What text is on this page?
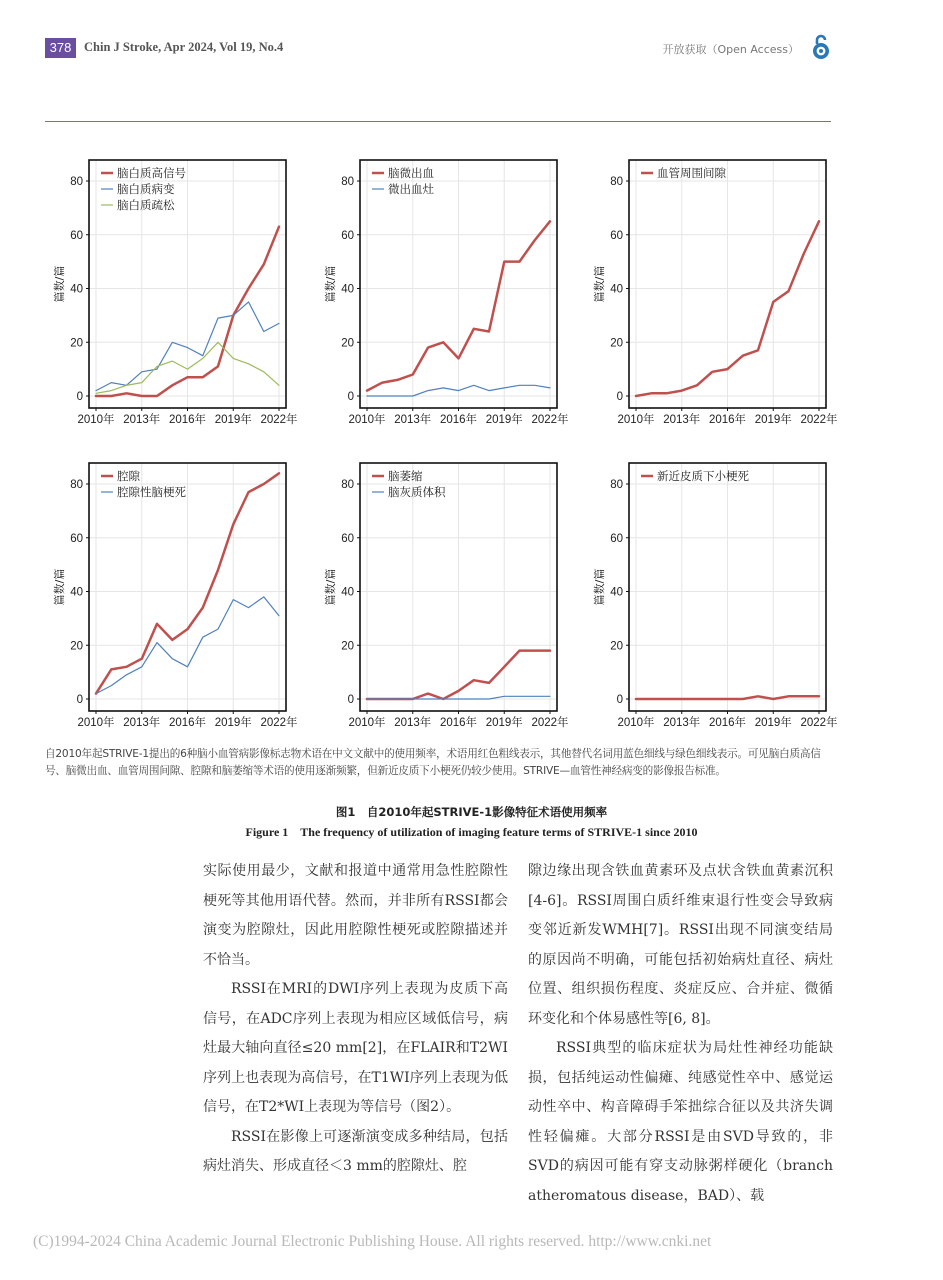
378	Chin J Stroke, Apr 2024, Vol 19, No.4	开放获取（Open Access）
0
20
40
60
80
2010年 2013年 2016年 2019年 2022年
篇数/篇
脑白质高信号
脑白质病变
脑白质疏松
0
20
40
60
80
2010年 2013年 2016年 2019年 2022年
篇数/篇
脑微出血
微出血灶
0
20
40
60
80
2010年 2013年 2016年 2019年 2022年
篇数/篇
血管周围间隙
0
20
40
60
80
2010年 2013年 2016年 2019年 2022年
篇数/篇
腔隙
腔隙性脑梗死
0
20
40
60
80
2010年 2013年 2016年 2019年 2022年
篇数/篇
脑萎缩
脑灰质体积
0
20
40
60
80
2010年 2013年 2016年 2019年 2022年
篇数/篇
新近皮质下小梗死
自2010年起STRIVE-1提出的6种脑小血管病影像标志物术语在中文文献中的使用频率，术语用红色粗线表示，其他替代名词用蓝色细线与绿色细线表示。可见脑白质高信号、脑微出血、血管周围间隙、腔隙和脑萎缩等术语的使用逐渐频繁，但新近皮质下小梗死仍较少使用。STRIVE—血管性神经病变的影像报告标准。
图1　自2010年起STRIVE-1影像特征术语使用频率
Figure 1　The frequency of utilization of imaging feature terms of STRIVE-1 since 2010

实际使用最少，文献和报道中通常用急性腔隙性梗死等其他用语代替。然而，并非所有RSSI都会演变为腔隙灶，因此用腔隙性梗死或腔隙描述并不恰当。

RSSI在MRI的DWI序列上表现为皮质下高信号，在ADC序列上表现为相应区域低信号，病灶最大轴向直径≤20 mm[2]，在FLAIR和T2WI序列上也表现为高信号，在T1WI序列上表现为低信号，在T2*WI上表现为等信号（图2）。

RSSI在影像上可逐渐演变成多种结局，包括病灶消失、形成直径＜3 mm的腔隙灶、腔

隙边缘出现含铁血黄素环及点状含铁血黄素沉积[4-6]。RSSI周围白质纤维束退行性变会导致病变邻近新发WMH[7]。RSSI出现不同演变结局的原因尚不明确，可能包括初始病灶直径、病灶位置、组织损伤程度、炎症反应、合并症、微循环变化和个体易感性等[6, 8]。

RSSI典型的临床症状为局灶性神经功能缺损，包括纯运动性偏瘫、纯感觉性卒中、感觉运动性卒中、构音障碍手笨拙综合征以及共济失调性轻偏瘫。大部分RSSI是由SVD导致的，非SVD的病因可能有穿支动脉粥样硬化（branch atheromatous disease，BAD）、载

(C)1994-2024 China Academic Journal Electronic Publishing House. All rights reserved. http://www.cnki.net
